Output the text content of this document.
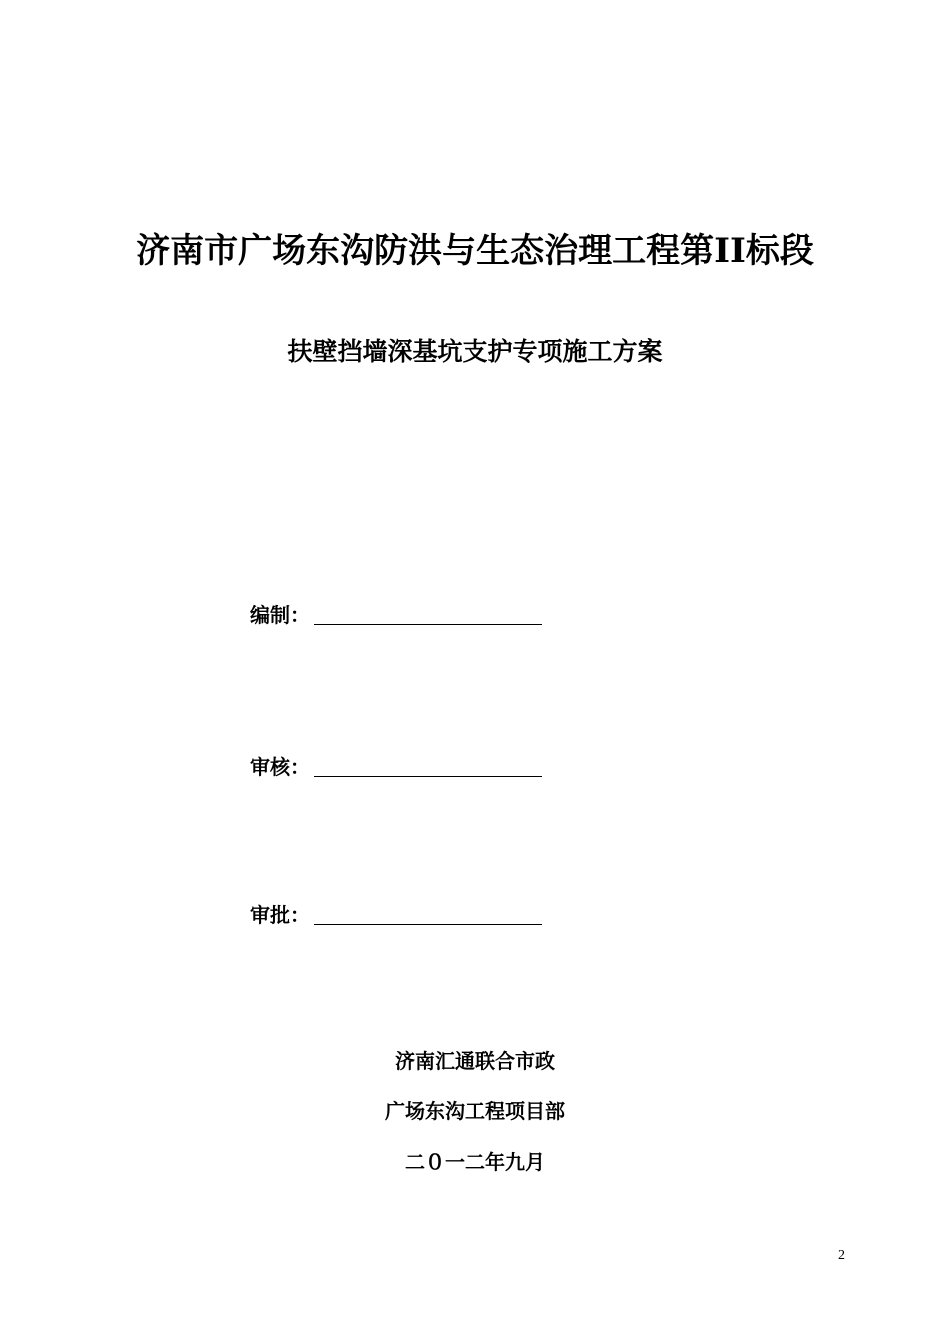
济南市广场东沟防洪与生态治理工程第II标段
扶壁挡墙深基坑支护专项施工方案
编制：
审核：
审批：
济南汇通联合市政
广场东沟工程项目部
二０一二年九月
2
